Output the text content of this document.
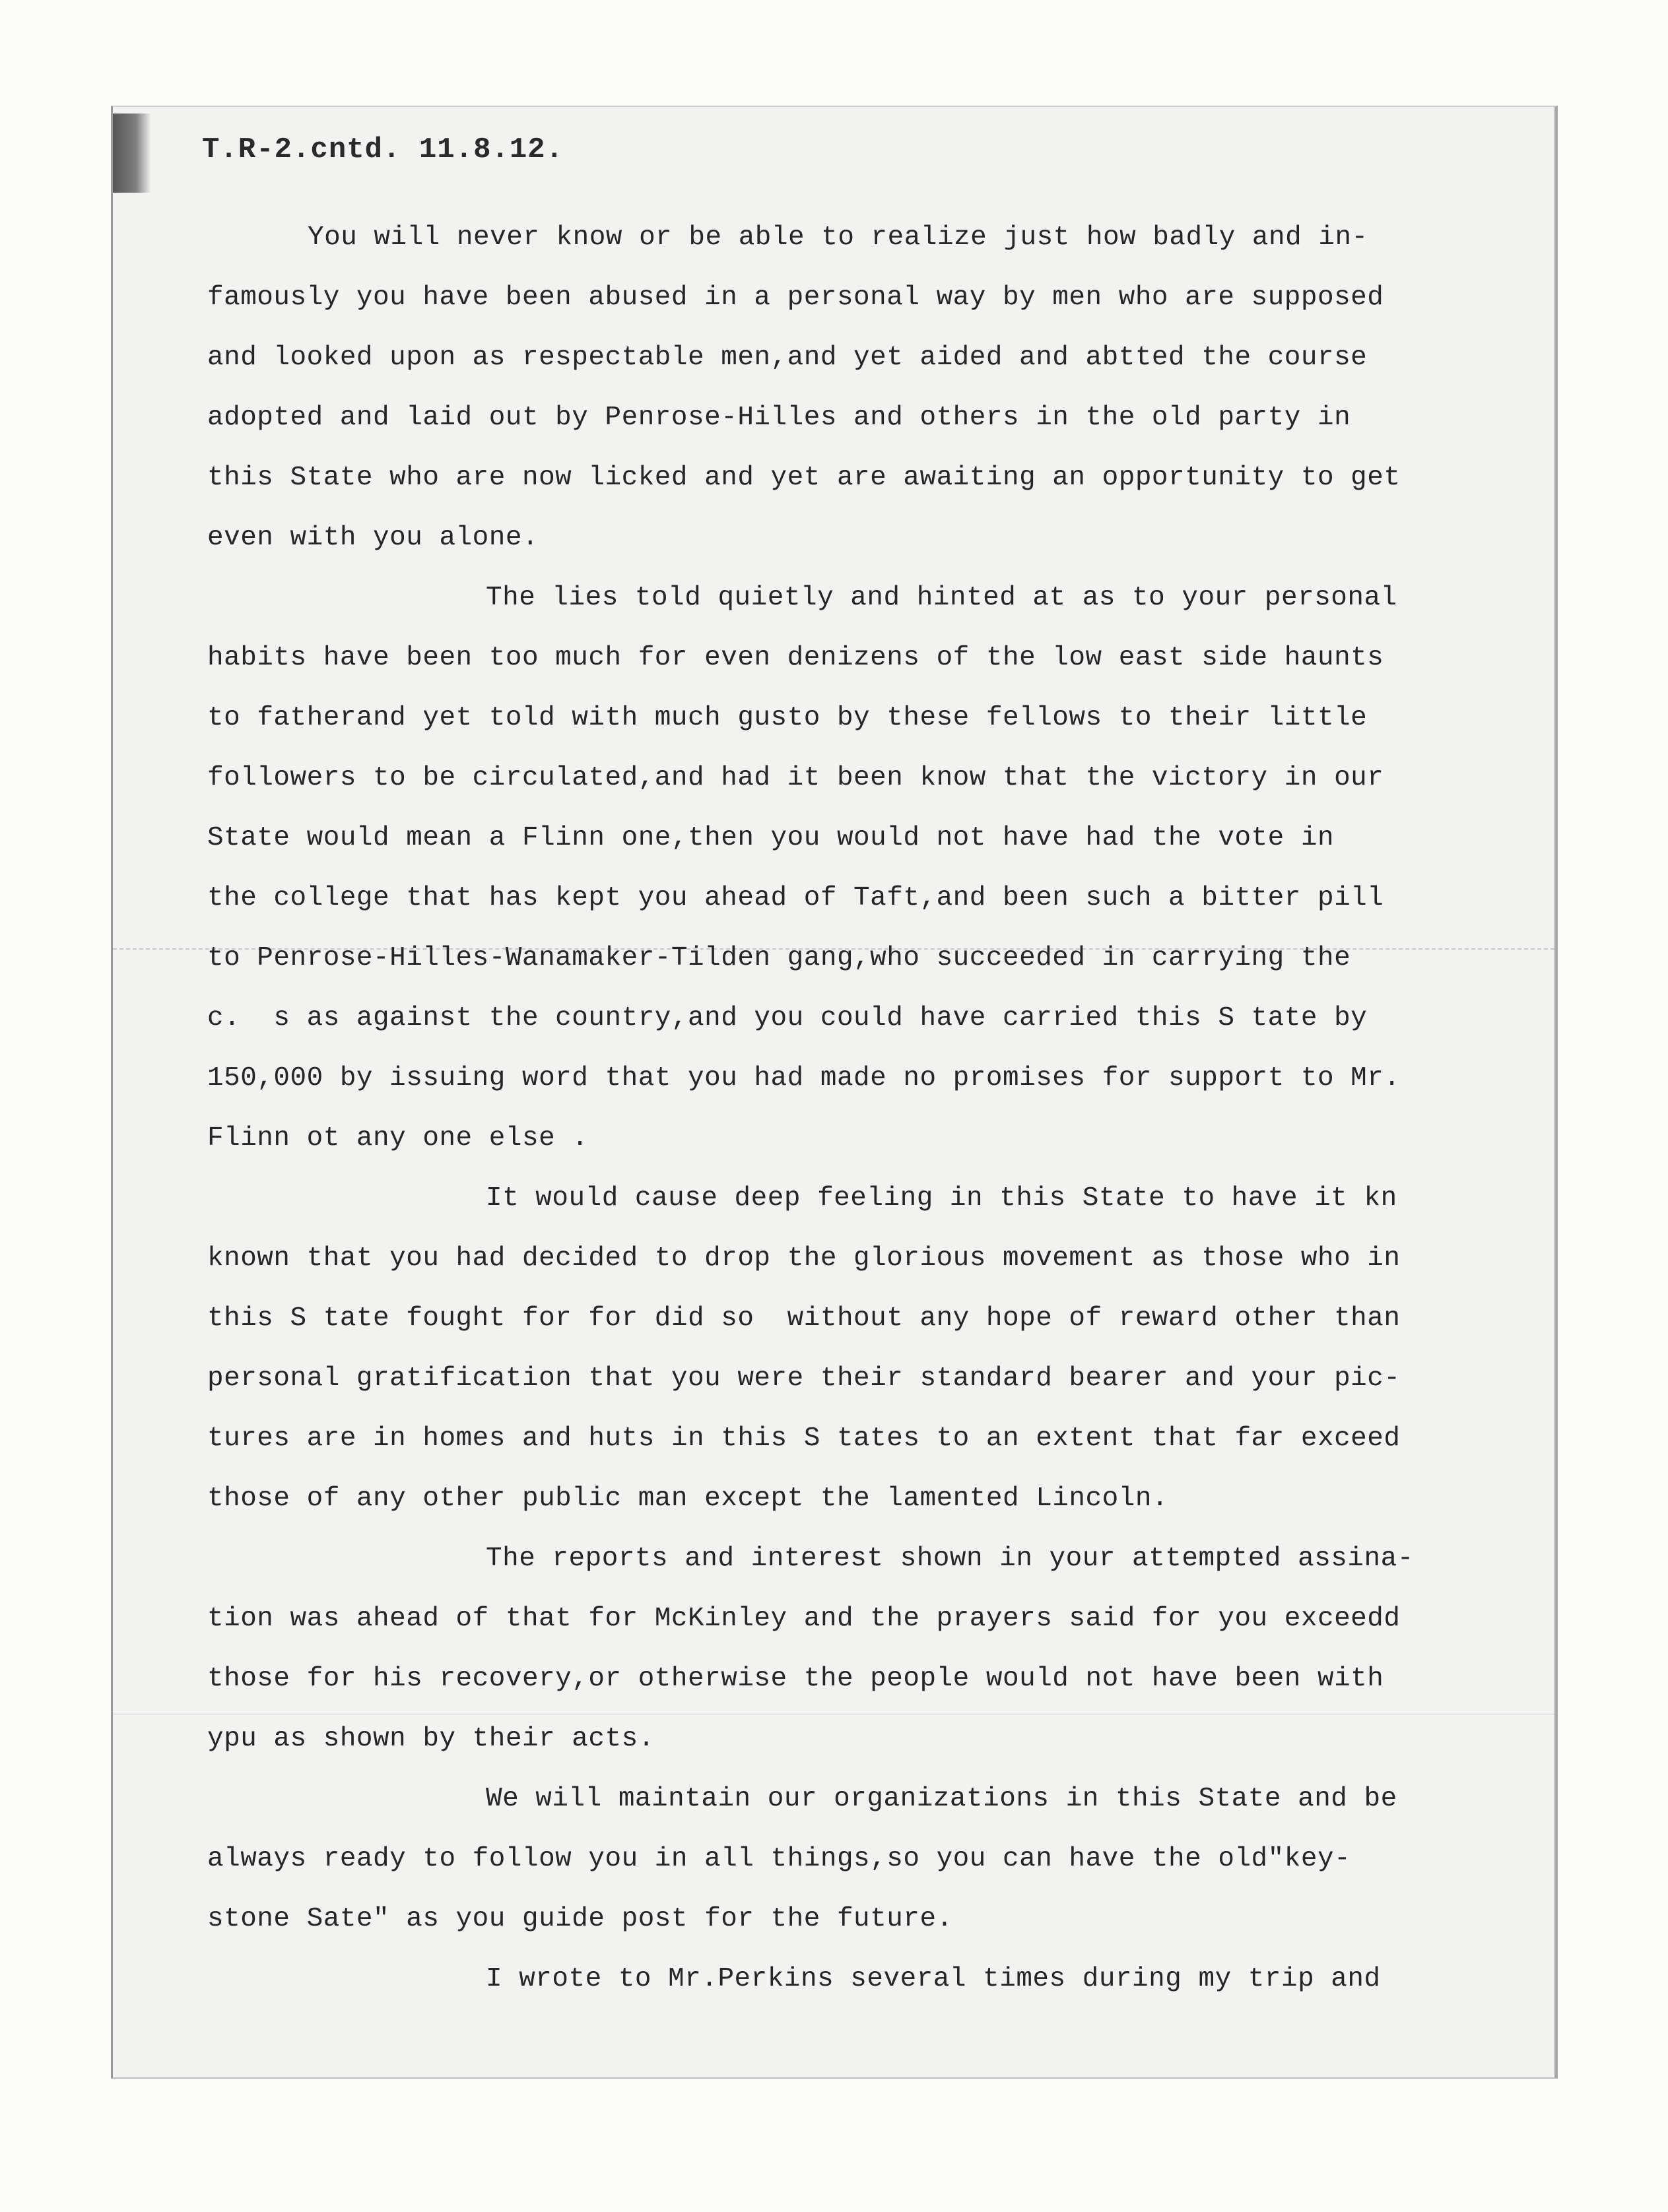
T.R-2.cntd. 11.8.12.
You will never know or be able to realize just how badly and in-
famously you have been abused in a personal way by men who are supposed
and looked upon as respectable men,and yet aided and abtted the course
adopted and laid out by Penrose-Hilles and others in the old party in
this State who are now licked and yet are awaiting an opportunity to get
even with you alone.
The lies told quietly and hinted at as to your personal
habits have been too much for even denizens of the low east side haunts
to fatherand yet told with much gusto by these fellows to their little
followers to be circulated,and had it been know that the victory in our
State would mean a Flinn one,then you would not have had the vote in
the college that has kept you ahead of Taft,and been such a bitter pill
to Penrose-Hilles-Wanamaker-Tilden gang,who succeeded in carrying the
c.  s as against the country,and you could have carried this S tate by
150,000 by issuing word that you had made no promises for support to Mr.
Flinn ot any one else .
It would cause deep feeling in this State to have it kn
known that you had decided to drop the glorious movement as those who in
this S tate fought for for did so  without any hope of reward other than
personal gratification that you were their standard bearer and your pic-
tures are in homes and huts in this S tates to an extent that far exceed
those of any other public man except the lamented Lincoln.
The reports and interest shown in your attempted assina-
tion was ahead of that for McKinley and the prayers said for you exceedd
those for his recovery,or otherwise the people would not have been with
ypu as shown by their acts.
We will maintain our organizations in this State and be
always ready to follow you in all things,so you can have the old"key-
stone Sate" as you guide post for the future.
I wrote to Mr.Perkins several times during my trip and
